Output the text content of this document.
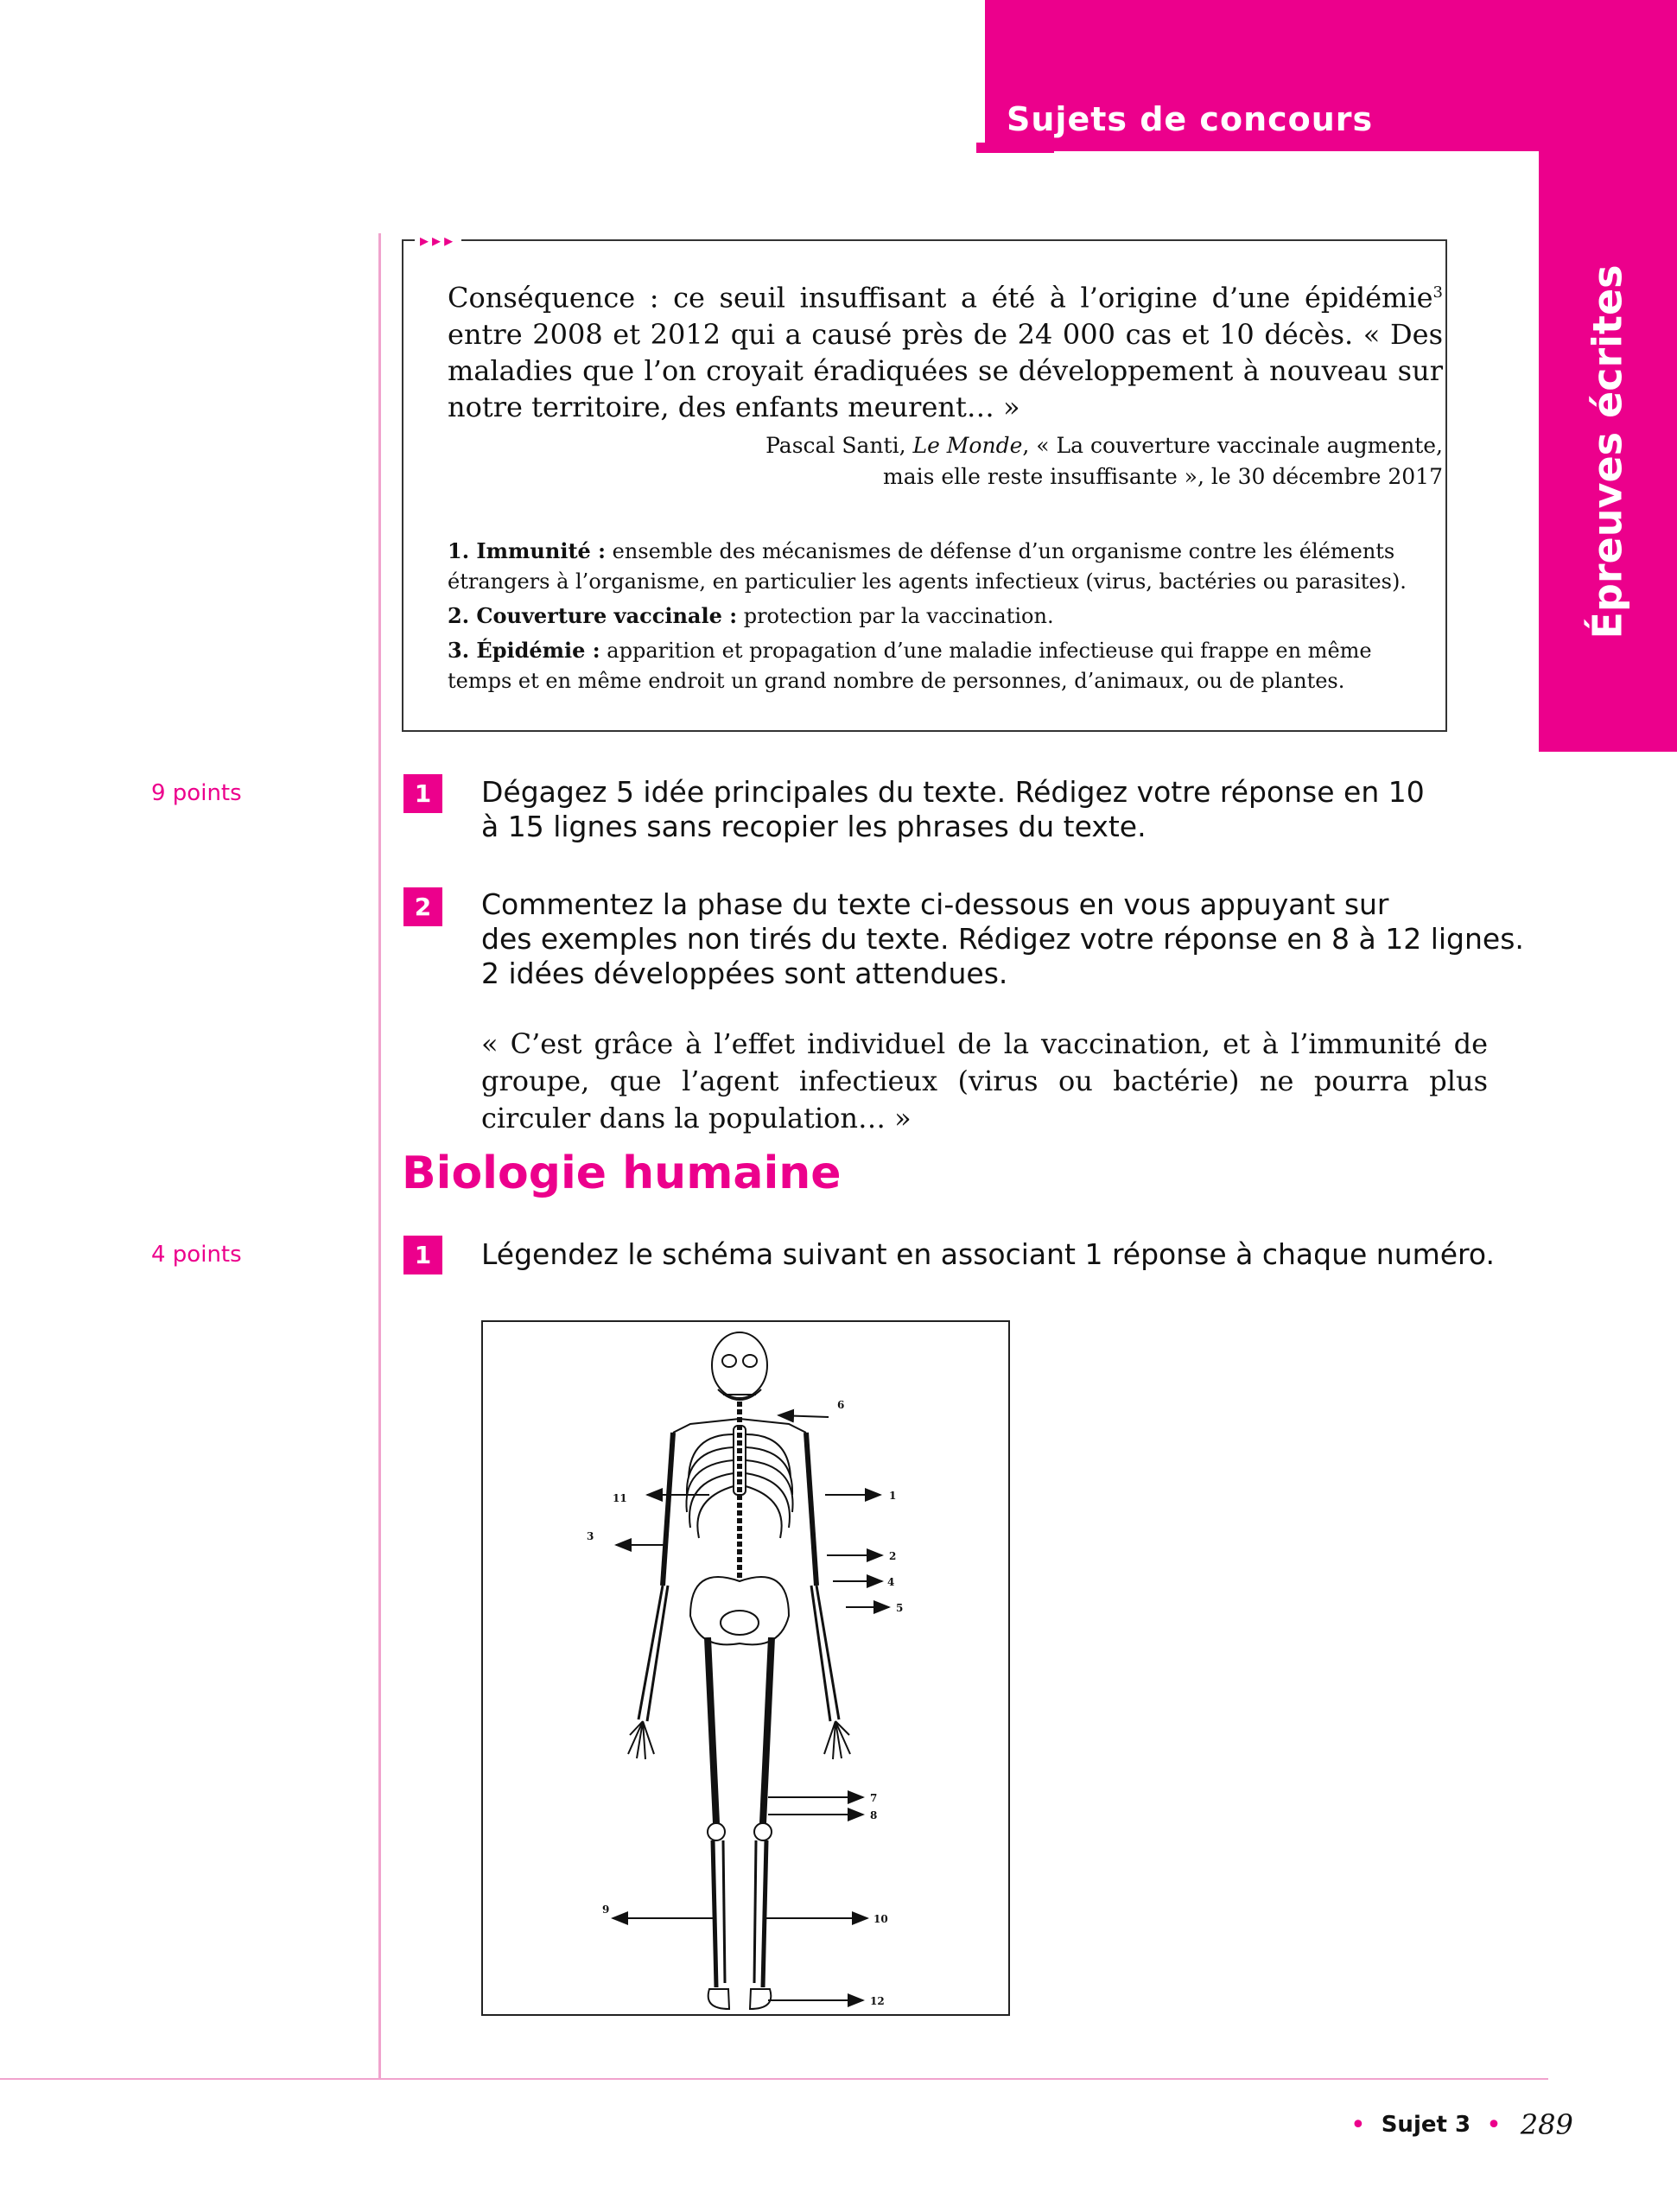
Sujets de concours
Épreuves écrites
▸▸▸
Conséquence : ce seuil insuffisant a été à l’origine d’une épidémie$^3$ entre 2008 et 2012 qui a causé près de 24 000 cas et 10 décès. « Des maladies que l’on croyait éradiquées se développement à nouveau sur notre territoire, des enfants meurent… »
Pascal Santi, Le Monde, « La couverture vaccinale augmente,
mais elle reste insuffisante », le 30 décembre 2017
1. Immunité : ensemble des mécanismes de défense d’un organisme contre les éléments étrangers à l’organisme, en particulier les agents infectieux (virus, bactéries ou parasites).
2. Couverture vaccinale : protection par la vaccination.
3. Épidémie : apparition et propagation d’une maladie infectieuse qui frappe en même temps et en même endroit un grand nombre de personnes, d’animaux, ou de plantes.
9 points	1	Dégagez 5 idée principales du texte. Rédigez votre réponse en 10
à 15 lignes sans recopier les phrases du texte.
2	Commentez la phase du texte ci-dessous en vous appuyant sur
des exemples non tirés du texte. Rédigez votre réponse en 8 à 12 lignes.
2 idées développées sont attendues.
« C’est grâce à l’effet individuel de la vaccination, et à l’immunité de groupe, que l’agent infectieux (virus ou bactérie) ne pourra plus circuler dans la population… »
Biologie humaine
4 points	1	Légendez le schéma suivant en associant 1 réponse à chaque numéro.
6
11	1
3
2
4
5
7
8
9
10
12
• Sujet 3 • 289
